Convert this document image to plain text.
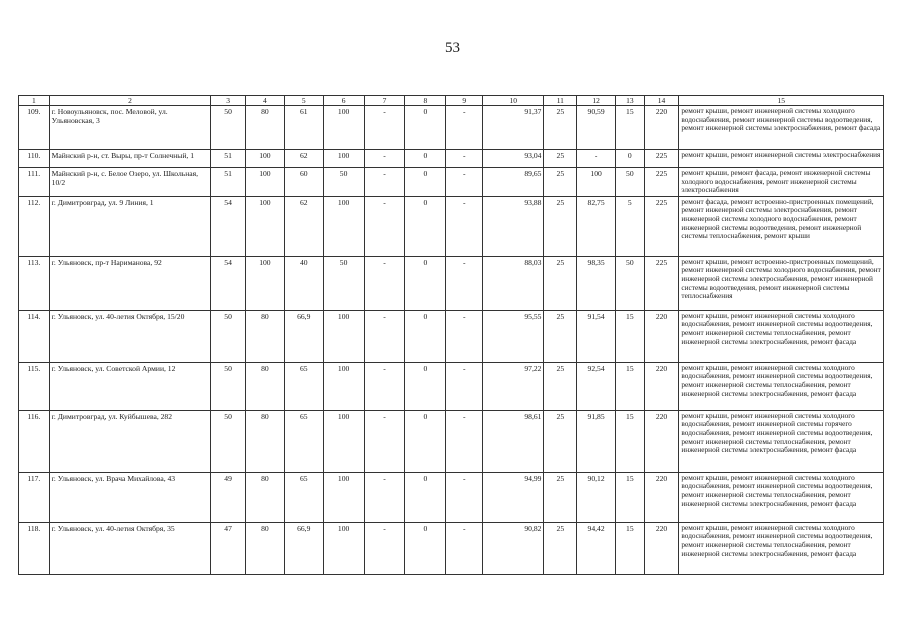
53
1	2	3	4	5	6	7	8	9	10	11	12	13	14	15
109.	г. Новоульяновск, пос. Меловой, ул. Ульяновская, 3	50	80	61	100	-	0	-	91,37	25	90,59	15	220	ремонт крыши, ремонт инженерной системы холодного водоснабжения, ремонт инженерной системы водоотведения, ремонт инженерной системы электроснабжения, ремонт фасада
110.	Майнский р-н, ст. Выры, пр-т Солнечный, 1	51	100	62	100	-	0	-	93,04	25	-	0	225	ремонт крыши, ремонт инженерной системы электроснабжения
111.	Майнский р-н, с. Белое Озеро, ул. Школьная, 10/2	51	100	60	50	-	0	-	89,65	25	100	50	225	ремонт крыши, ремонт фасада, ремонт инженерной системы холодного водоснабжения, ремонт инженерной системы электроснабжения
112.	г. Димитровград, ул. 9 Линия, 1	54	100	62	100	-	0	-	93,88	25	82,75	5	225	ремонт фасада, ремонт встроенно-пристроенных помещений, ремонт инженерной системы электроснабжения, ремонт инженерной системы холодного водоснабжения, ремонт инженерной системы водоотведения, ремонт инженерной системы теплоснабжения, ремонт крыши
113.	г. Ульяновск, пр-т Нариманова, 92	54	100	40	50	-	0	-	88,03	25	98,35	50	225	ремонт крыши, ремонт встроенно-пристроенных помещений, ремонт инженерной системы холодного водоснабжения, ремонт инженерной системы электроснабжения, ремонт инженерной системы водоотведения, ремонт инженерной системы теплоснабжения
114.	г. Ульяновск, ул. 40-летия Октября, 15/20	50	80	66,9	100	-	0	-	95,55	25	91,54	15	220	ремонт крыши, ремонт инженерной системы холодного водоснабжения, ремонт инженерной системы водоотведения, ремонт инженерной системы теплоснабжения, ремонт инженерной системы электроснабжения, ремонт фасада
115.	г. Ульяновск, ул. Советской Армии, 12	50	80	65	100	-	0	-	97,22	25	92,54	15	220	ремонт крыши, ремонт инженерной системы холодного водоснабжения, ремонт инженерной системы водоотведения, ремонт инженерной системы теплоснабжения, ремонт инженерной системы электроснабжения, ремонт фасада
116.	г. Димитровград, ул. Куйбышева, 282	50	80	65	100	-	0	-	98,61	25	91,85	15	220	ремонт крыши, ремонт инженерной системы холодного водоснабжения, ремонт инженерной системы горячего водоснабжения, ремонт инженерной системы водоотведения, ремонт инженерной системы теплоснабжения, ремонт инженерной системы электроснабжения, ремонт фасада
117.	г. Ульяновск, ул. Врача Михайлова, 43	49	80	65	100	-	0	-	94,99	25	90,12	15	220	ремонт крыши, ремонт инженерной системы холодного водоснабжения, ремонт инженерной системы водоотведения, ремонт инженерной системы теплоснабжения, ремонт инженерной системы электроснабжения, ремонт фасада
118.	г. Ульяновск, ул. 40-летия Октября, 35	47	80	66,9	100	-	0	-	90,82	25	94,42	15	220	ремонт крыши, ремонт инженерной системы холодного водоснабжения, ремонт инженерной системы водоотведения, ремонт инженерной системы теплоснабжения, ремонт инженерной системы электроснабжения, ремонт фасада
